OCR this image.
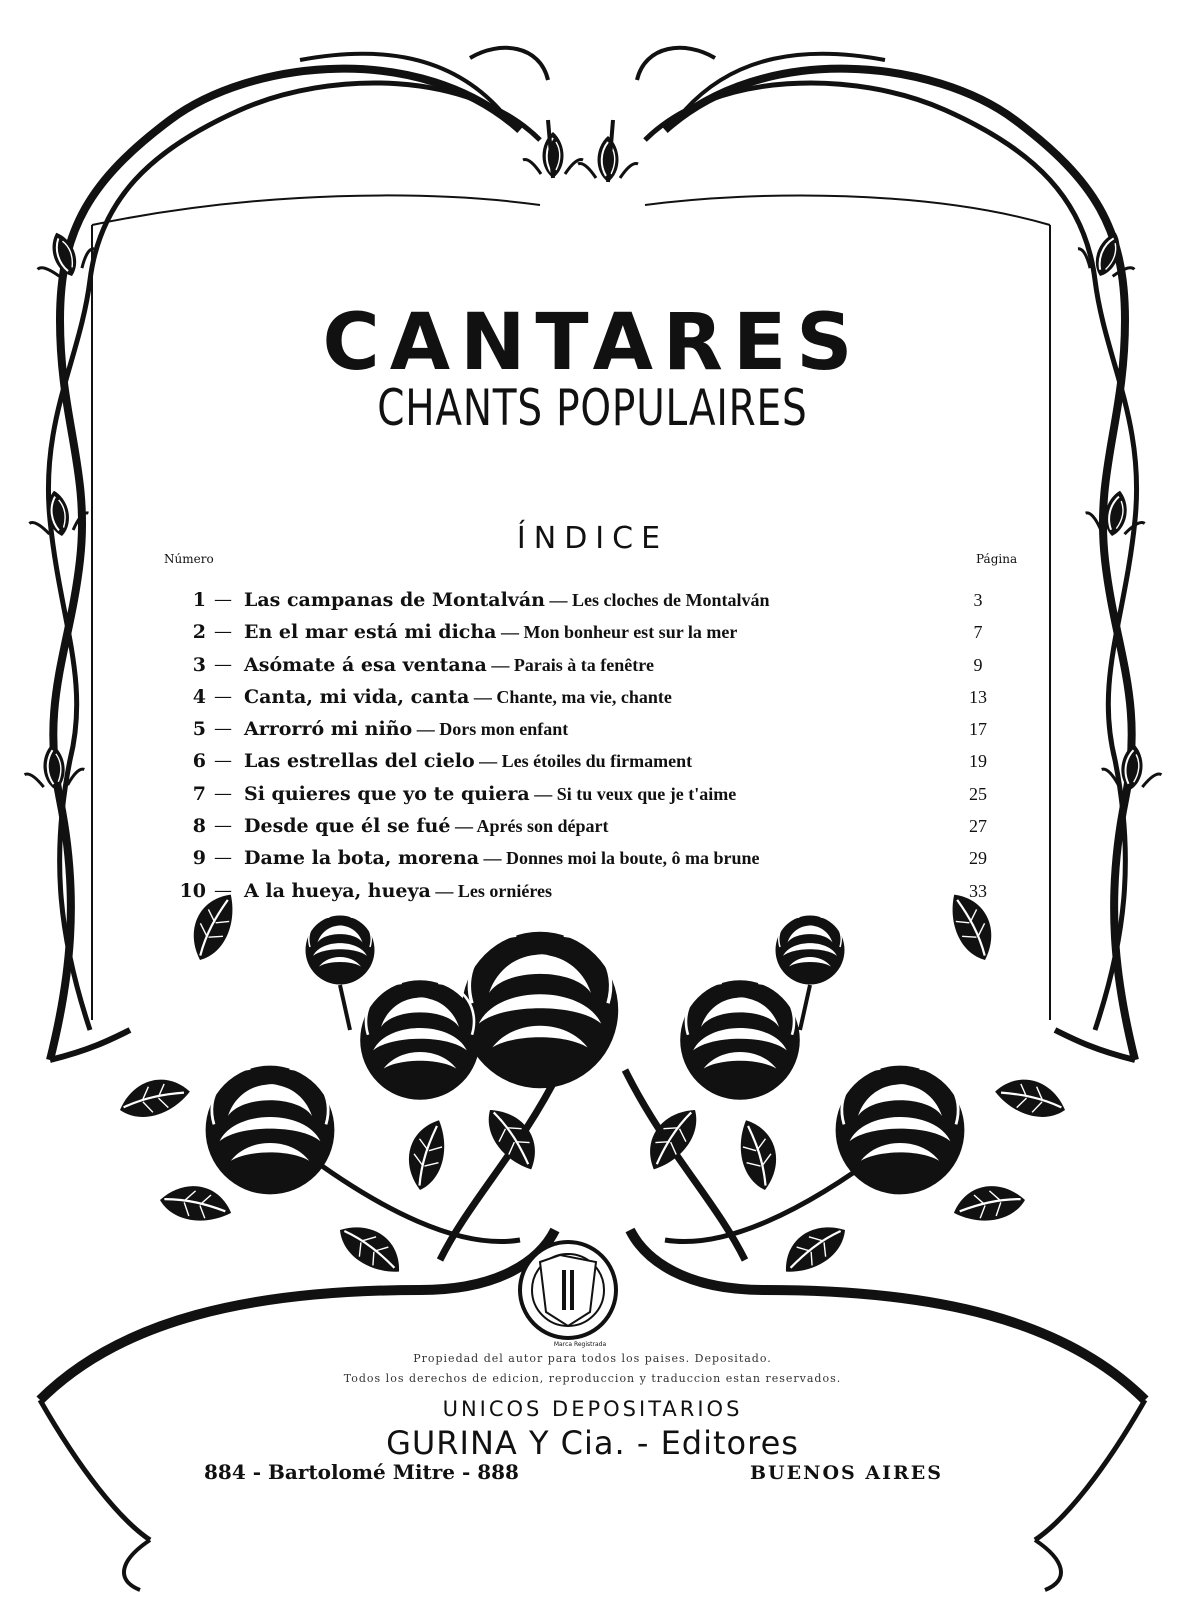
CANTARES
CHANTS POPULAIRES
ÍNDICE
Número	Página
1 — Las campanas de Montalván — Les cloches de Montalván	3
2 — En el mar está mi dicha — Mon bonheur est sur la mer	7
3 — Asómate á esa ventana — Parais à ta fenêtre	9
4 — Canta, mi vida, canta — Chante, ma vie, chante	13
5 — Arrorró mi niño — Dors mon enfant	17
6 — Las estrellas del cielo — Les étoiles du firmament	19
7 — Si quieres que yo te quiera — Si tu veux que je t'aime	25
8 — Desde que él se fué — Aprés son départ	27
9 — Dame la bota, morena — Donnes moi la boute, ô ma brune	29
10 — A la hueya, hueya — Les orniéres	33
Marca Registrada
Propiedad del autor para todos los paises. Depositado.
Todos los derechos de edicion, reproduccion y traduccion estan reservados.
UNICOS DEPOSITARIOS
GURINA Y Cia. - Editores
884 - Bartolomé Mitre - 888	BUENOS AIRES
